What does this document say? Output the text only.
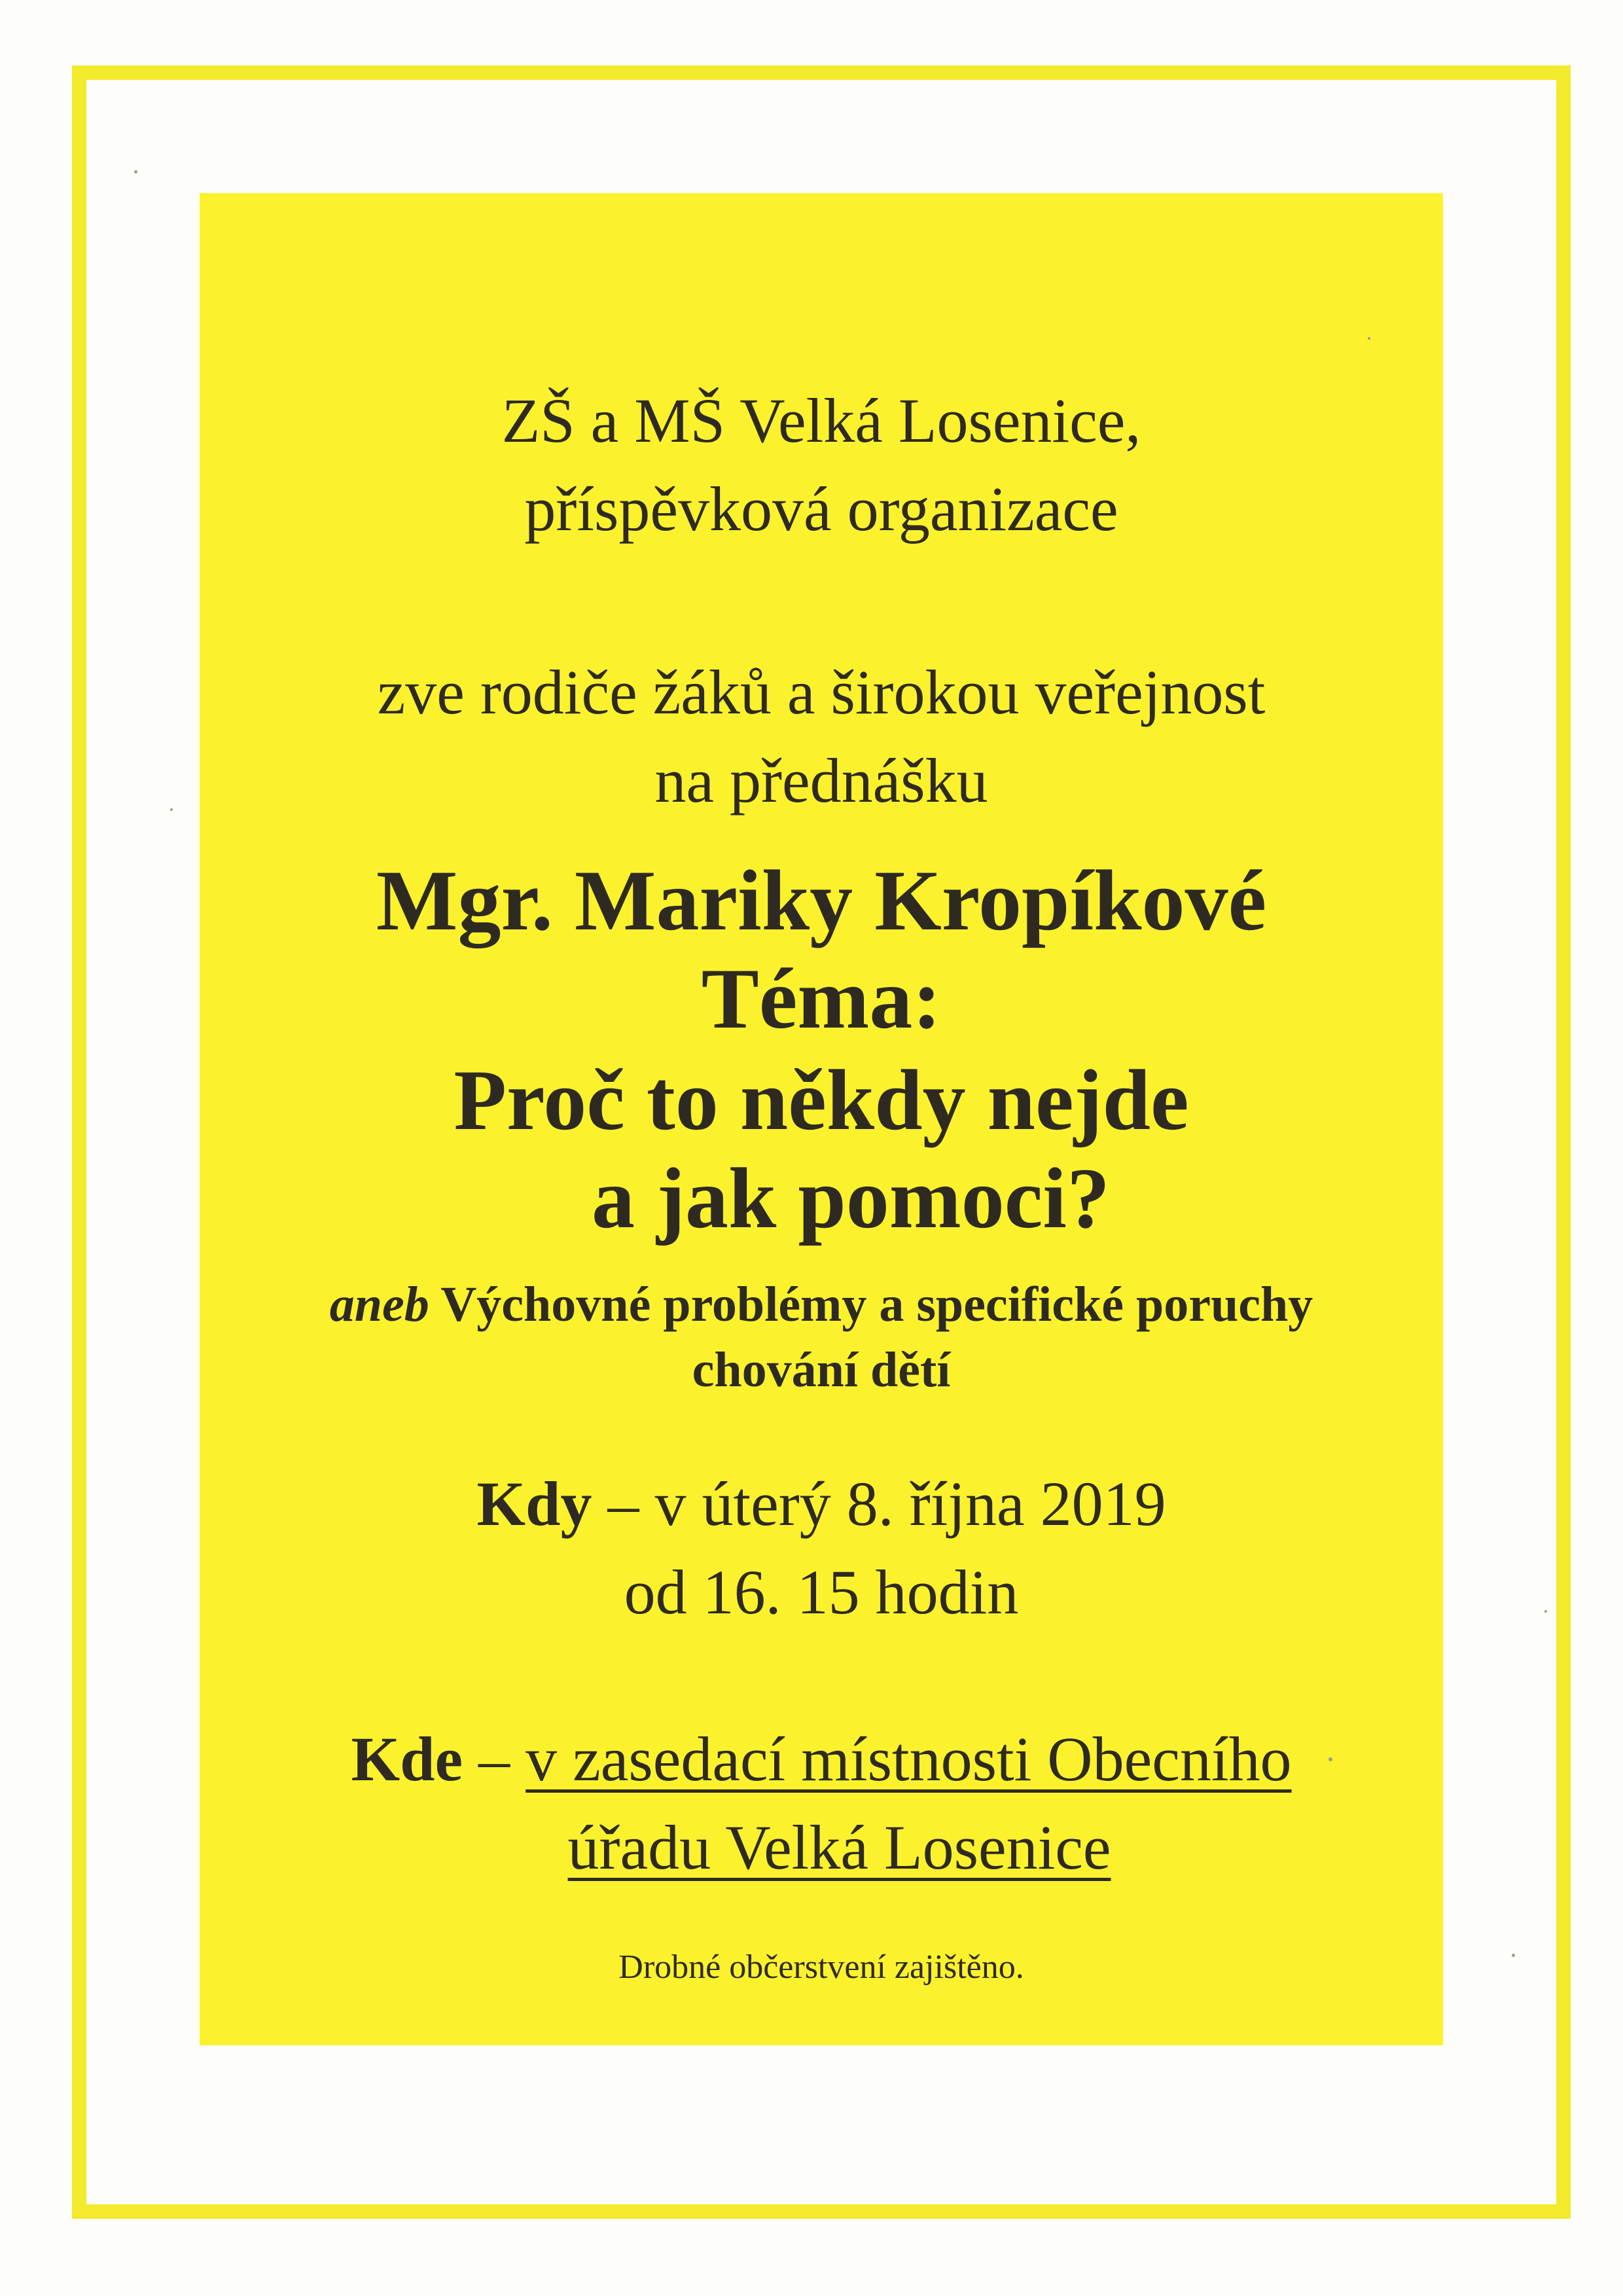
ZŠ a MŠ Velká Losenice,
příspěvková organizace
zve rodiče žáků a širokou veřejnost
na přednášku
Mgr. Mariky Kropíkové
Téma:
Proč to někdy nejde
a jak pomoci?
aneb Výchovné problémy a specifické poruchy
chování dětí
Kdy – v úterý 8. října 2019
od 16. 15 hodin
Kde – v zasedací místnosti Obecního
úřadu Velká Losenice
Drobné občerstvení zajištěno.
